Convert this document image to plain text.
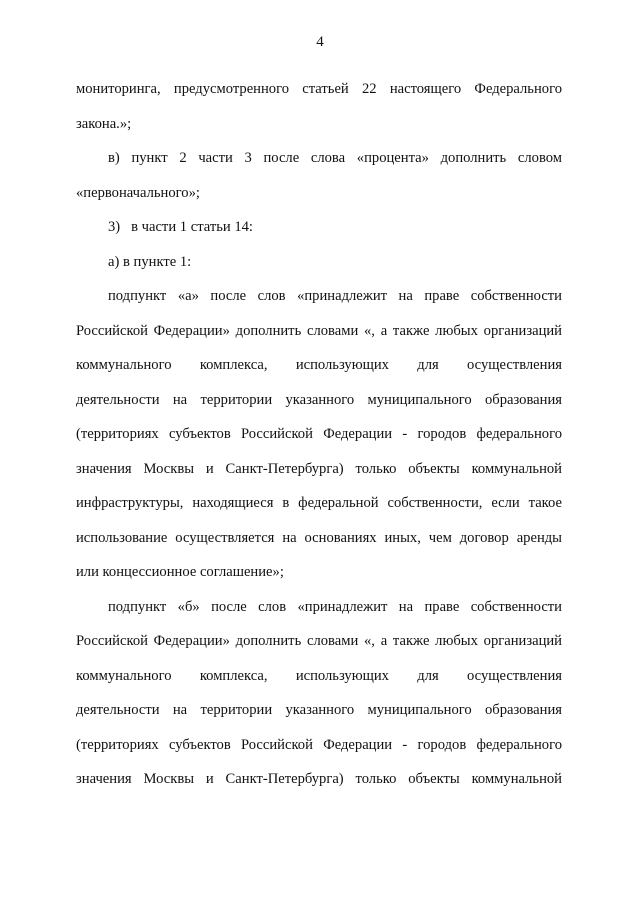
4
мониторинга, предусмотренного статьей 22 настоящего Федерального
закона.»;
в) пункт 2 части 3 после слова «процента» дополнить словом
«первоначального»;
3)   в части 1 статьи 14:
а) в пункте 1:
подпункт «а» после слов «принадлежит на праве собственности
Российской Федерации» дополнить словами «, а также любых организаций
коммунального комплекса, использующих для осуществления
деятельности на территории указанного муниципального образования
(территориях субъектов Российской Федерации - городов федерального
значения Москвы и Санкт-Петербурга) только объекты коммунальной
инфраструктуры, находящиеся в федеральной собственности, если такое
использование осуществляется на основаниях иных, чем договор аренды
или концессионное соглашение»;
подпункт «б» после слов «принадлежит на праве собственности
Российской Федерации» дополнить словами «, а также любых организаций
коммунального комплекса, использующих для осуществления
деятельности на территории указанного муниципального образования
(территориях субъектов Российской Федерации - городов федерального
значения Москвы и Санкт-Петербурга) только объекты коммунальной
